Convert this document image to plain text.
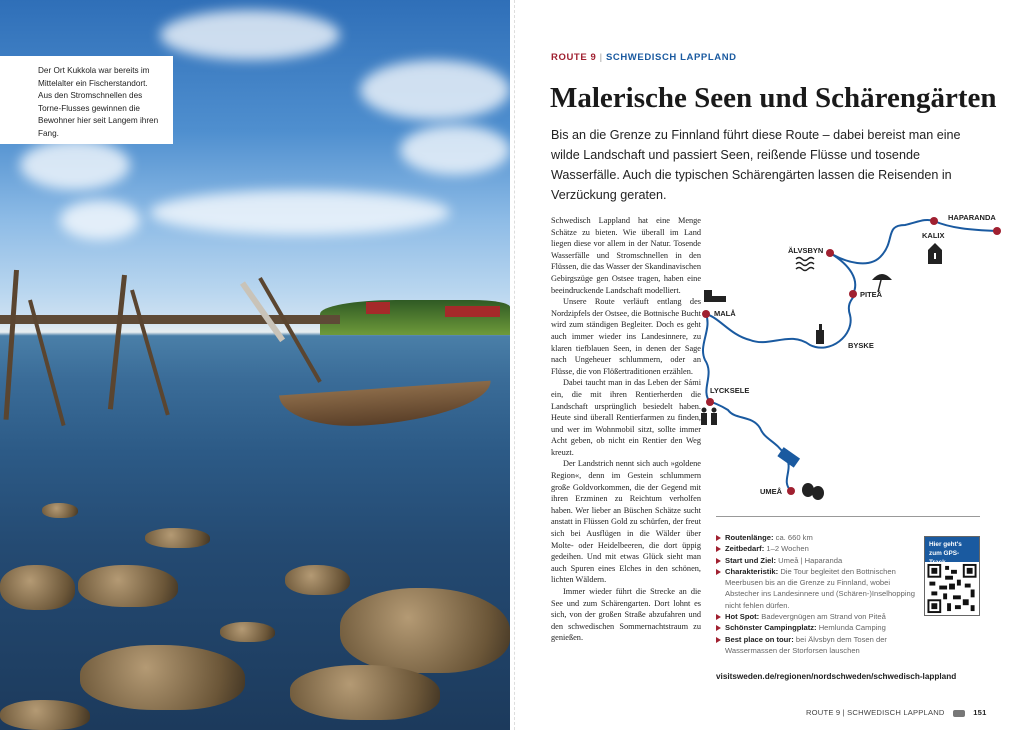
Der Ort Kukkola war bereits im Mittelalter ein Fischerstandort. Aus den Stromschnellen des Torne-Flusses gewinnen die Bewohner hier seit Langem ihren Fang.
ROUTE 9 | SCHWEDISCH LAPPLAND
Malerische Seen und Schärengärten

Bis an die Grenze zu Finnland führt diese Route – dabei bereist man eine wilde Landschaft und passiert Seen, reißende Flüsse und tosende Wasserfälle. Auch die typischen Schärengärten lassen die Reisenden in Verzückung geraten.

Schwedisch Lappland hat eine Menge Schätze zu bieten. Wie überall im Land liegen diese vor allem in der Natur. Tosende Wasserfälle und Stromschnellen in den Flüssen, die das Wasser der Skandinavischen Gebirgszüge gen Ostsee tragen, haben eine beeindruckende Landschaft modelliert.

Unsere Route verläuft entlang des Nordzipfels der Ostsee, die Bottnische Bucht wird zum ständigen Begleiter. Doch es geht auch immer wieder ins Landesinnere, zu klaren tiefblauen Seen, in denen der Sage nach Ungeheuer schlummern, oder an Flüsse, die von Flößertraditionen erzählen.

Dabei taucht man in das Leben der Sámi ein, die mit ihren Rentierherden die Landschaft ursprünglich besiedelt haben. Heute sind überall Rentierfarmen zu finden, und wer im Wohnmobil sitzt, sollte immer Acht geben, ob nicht ein Rentier den Weg kreuzt.

Der Landstrich nennt sich auch »goldene Region«, denn im Gestein schlummern große Goldvorkommen, die der Gegend mit ihren Erzminen zu Reichtum verholfen haben. Wer lieber an Büschen Schätze sucht anstatt in Flüssen Gold zu schürfen, der freut sich bei Ausflügen in die Wälder über Molte- oder Heidelbeeren, die dort üppig gedeihen. Und mit etwas Glück sieht man auch Spuren eines Elches in den schönen, lichten Wäldern.

Immer wieder führt die Strecke an die See und zum Schärengarten. Dort lohnt es sich, von der großen Straße abzufahren und den schwedischen Sommernachtstraum zu genießen.

HAPARANDA
KALIX
ÄLVSBYN
PITEÅ
MALÅ
BYSKE
LYCKSELE
UMEÅ
Routenlänge: ca. 660 km
Zeitbedarf: 1–2 Wochen
Start und Ziel: Umeå | Haparanda
Charakteristik: Die Tour begleitet den Bottnischen Meerbusen bis an die Grenze zu Finnland, wobei Abstecher ins Landesinnere und (Schären-)Inselhopping nicht fehlen dürfen.
Hot Spot: Badevergnügen am Strand von Piteå
Schönster Campingplatz: Hemlunda Camping
Best place on tour: bei Älvsbyn dem Tosen der Wassermassen der Storforsen lauschen
Hier geht's zum GPS-
visitsweden.de/regionen/nordschweden/schwedisch-lappland
ROUTE 9 | SCHWEDISCH LAPPLAND	151
